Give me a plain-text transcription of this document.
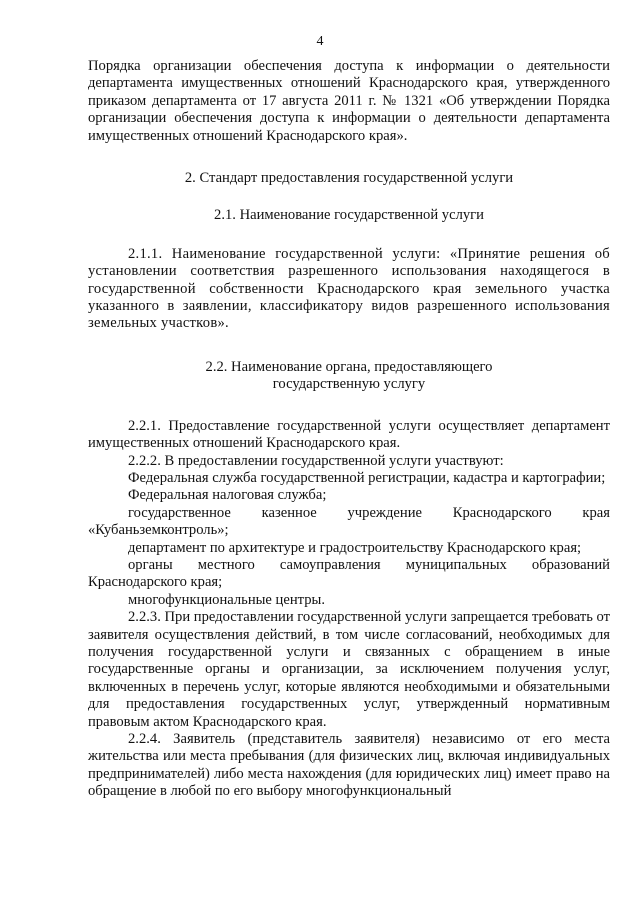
4

Порядка организации обеспечения доступа к информации о деятельности департамента имущественных отношений Краснодарского края, утвержденного приказом департамента от 17 августа 2011 г. № 1321 «Об утверждении Порядка организации обеспечения доступа к информации о деятельности департамента имущественных отношений Краснодарского края».

2. Стандарт предоставления государственной услуги

2.1. Наименование государственной услуги

2.1.1. Наименование государственной услуги: «Принятие решения об установлении соответствия разрешенного использования находящегося в государственной собственности Краснодарского края земельного участка указанного в заявлении, классификатору видов разрешенного использования земельных участков».

2.2. Наименование органа, предоставляющего

государственную услугу

2.2.1. Предоставление государственной услуги осуществляет департамент имущественных отношений Краснодарского края.

2.2.2. В предоставлении государственной услуги участвуют:

Федеральная служба государственной регистрации, кадастра и картографии;

Федеральная налоговая служба;

государственное казенное учреждение Краснодарского края «Кубаньземконтроль»;

департамент по архитектуре и градостроительству Краснодарского края;

органы местного самоуправления муниципальных образований Краснодарского края;

многофункциональные центры.

2.2.3. При предоставлении государственной услуги запрещается требовать от заявителя осуществления действий, в том числе согласований, необходимых для получения государственной услуги и связанных с обращением в иные государственные органы и организации, за исключением получения услуг, включенных в перечень услуг, которые являются необходимыми и обязательными для предоставления государственных услуг, утвержденный нормативным правовым актом Краснодарского края.

2.2.4. Заявитель (представитель заявителя) независимо от его места жительства или места пребывания (для физических лиц, включая индивидуальных предпринимателей) либо места нахождения (для юридических лиц) имеет право на обращение в любой по его выбору многофункциональный
